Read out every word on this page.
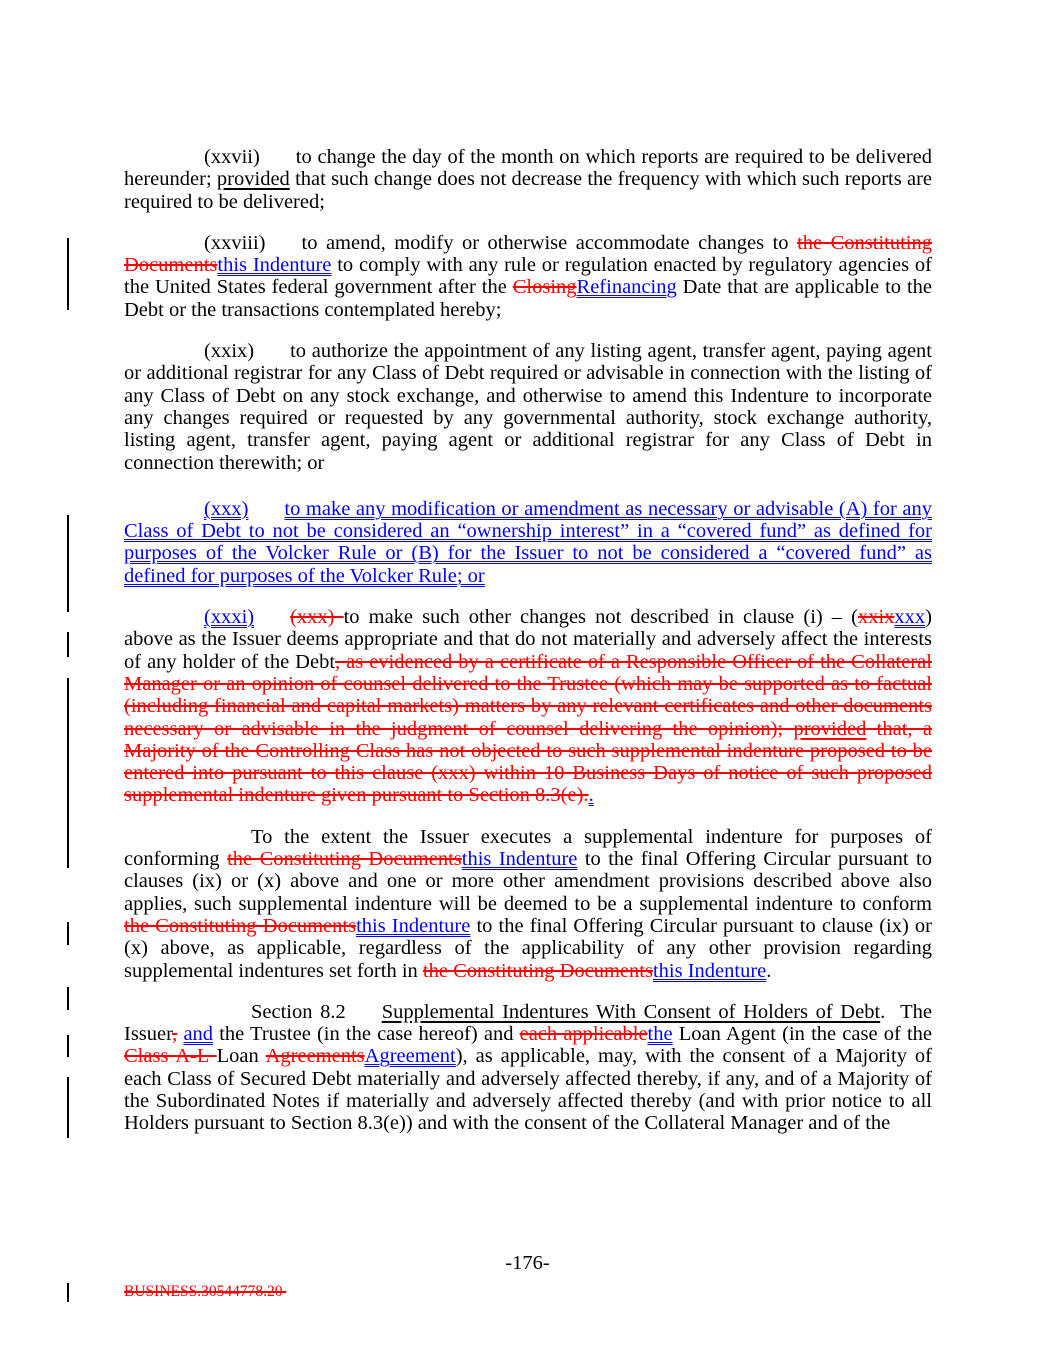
(xxvii) to change the day of the month on which reports are required to be delivered hereunder; provided that such change does not decrease the frequency with which such reports are required to be delivered;

(xxviii) to amend, modify or otherwise accommodate changes to the Constituting Documentsthis Indenture to comply with any rule or regulation enacted by regulatory agencies of the United States federal government after the ClosingRefinancing Date that are applicable to the Debt or the transactions contemplated hereby;

(xxix) to authorize the appointment of any listing agent, transfer agent, paying agent or additional registrar for any Class of Debt required or advisable in connection with the listing of any Class of Debt on any stock exchange, and otherwise to amend this Indenture to incorporate any changes required or requested by any governmental authority, stock exchange authority, listing agent, transfer agent, paying agent or additional registrar for any Class of Debt in connection therewith; or

(xxx) to make any modification or amendment as necessary or advisable (A) for any Class of Debt to not be considered an “ownership interest” in a “covered fund” as defined for purposes of the Volcker Rule or (B) for the Issuer to not be considered a “covered fund” as defined for purposes of the Volcker Rule; or

(xxxi) (xxx) to make such other changes not described in clause (i) – (xxixxxx) above as the Issuer deems appropriate and that do not materially and adversely affect the interests of any holder of the Debt, as evidenced by a certificate of a Responsible Officer of the Collateral Manager or an opinion of counsel delivered to the Trustee (which may be supported as to factual (including financial and capital markets) matters by any relevant certificates and other documents necessary or advisable in the judgment of counsel delivering the opinion); provided that, a Majority of the Controlling Class has not objected to such supplemental indenture proposed to be entered into pursuant to this clause (xxx) within 10 Business Days of notice of such proposed supplemental indenture given pursuant to Section 8.3(e)..

To the extent the Issuer executes a supplemental indenture for purposes of conforming the Constituting Documentsthis Indenture to the final Offering Circular pursuant to clauses (ix) or (x) above and one or more other amendment provisions described above also applies, such supplemental indenture will be deemed to be a supplemental indenture to conform the Constituting Documentsthis Indenture to the final Offering Circular pursuant to clause (ix) or (x) above, as applicable, regardless of the applicability of any other provision regarding supplemental indentures set forth in the Constituting Documentsthis Indenture.

Section 8.2 Supplemental Indentures With Consent of Holders of Debt.  The Issuer, and the Trustee (in the case hereof) and each applicablethe Loan Agent (in the case of the Class A-L Loan AgreementsAgreement), as applicable, may, with the consent of a Majority of each Class of Secured Debt materially and adversely affected thereby, if any, and of a Majority of the Subordinated Notes if materially and adversely affected thereby (and with prior notice to all Holders pursuant to Section 8.3(e)) and with the consent of the Collateral Manager and of the

-176-
BUSINESS.30544778.20
